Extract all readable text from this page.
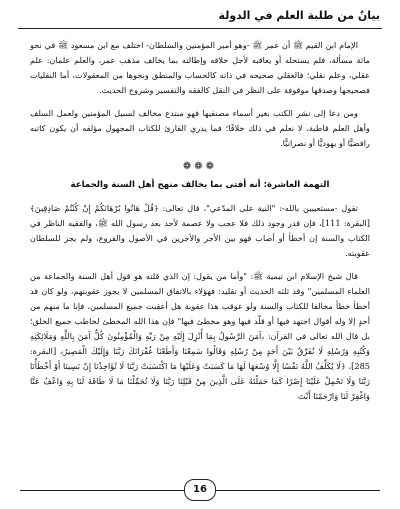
بيانٌ من طلبة العلم في الدولة

الإمام ابن القيم ﷺ أن عمر ﷺ -وهو أمير المؤمنين والسلطان- اختلف مع ابن مسعود ﷺ في نحو مائة مسألة، فلم يستحله أو يعاقبه لأجل خلافه وإطالته بما يخالف مذهب عمر، والعلم علمان: علم عقلي، وعلم نقلي؛ فالعقلي صحيحه في ذاته كالحساب والمنطق ونحوها من المعقولات، أما النقليات فصحيحها وصدقها موقوفة على النظر في النقل كالفقه والتفسير وشروح الحديث.

ومن دعا إلى نشر الكتب بغير أسماء مصنفيها فهو مبتدع مخالف لسبيل المؤمنين ولعمل السلف وأهل العلم قاطبة، لا نعلم في ذلك خلافًا؛ فما يدري القارئ للكتاب المجهول مؤلفه أن يكون كاتبه رافضيًّا أو يهوديًّا أو نصرانيًّا.

❁❁❁
التهمة العاشرة: أنه أفتى بما يخالف منهج أهل السنة والجماعة

تقول -مستعيبين بالله-: "النية على المدّعي"، قال تعالى: ﴿قُلْ هَاتُوا بُرْهَانَكُمْ إِنْ كُنْتُمْ صَادِقِينَ﴾ [البقرة: 111]، فإن قدر وجود ذلك فلا عجب ولا عصمة لأحد بعد رسول الله ﷺ، والفقيه الناظر في الكتاب والسنة إن أخطأ أو أصاب فهو بين الأجر والأجرين في الأصول والفروع، ولم يجز للسلطان عقوبته.

قال شيخ الإسلام ابن تيمية ﷺ: "وأما من يقول: إن الذي قلته هو قول أهل السنة والجماعة من العلماء المسلمين" وقد ثلثه الحديث أو تقليد: فهؤلاء بالاتفاق المسلمين لا يجوز عقوبتهم، ولو كان قد أخطأ خطأ مخالفا للكتاب والسنة ولو عوقب هذا عقوبة هل أعقبت جميع المسلمين، فإنا ما منهم من أحدٍ إلا وله أقوال اجتهد فيها أو قلّد فيها وهو مخطئ فيها" فإن هذا الله المخطئ لخاطب جميع الخلق؛ بل قال الله تعالى في القرآن: ﴿آمَنَ الرَّسُولُ بِمَا أُنْزِلَ إِلَيْهِ مِنْ رَبِّهِ وَالْمُؤْمِنُونَ كُلٌّ آمَنَ بِاللَّهِ وَمَلَائِكَتِهِ وَكُتُبِهِ وَرُسُلِهِ لَا نُفَرِّقُ بَيْنَ أَحَدٍ مِنْ رُسُلِهِ وَقَالُوا سَمِعْنَا وَأَطَعْنَا غُفْرَانَكَ رَبَّنَا وَإِلَيْكَ الْمَصِيرُ﴾ [البقرة: 285]، ﴿لَا يُكَلِّفُ اللَّهُ نَفْسًا إِلَّا وُسْعَهَا لَهَا مَا كَسَبَتْ وَعَلَيْهَا مَا اكْتَسَبَتْ رَبَّنَا لَا تُؤَاخِذْنَا إِنْ نَسِينَا أَوْ أَخْطَأْنَا رَبَّنَا وَلَا تَحْمِلْ عَلَيْنَا إِصْرًا كَمَا حَمَلْتَهُ عَلَى الَّذِينَ مِنْ قَبْلِنَا رَبَّنَا وَلَا تُحَمِّلْنَا مَا لَا طَاقَةَ لَنَا بِهِ وَاعْفُ عَنَّا وَاغْفِرْ لَنَا وَارْحَمْنَا أَنْتَ

16
